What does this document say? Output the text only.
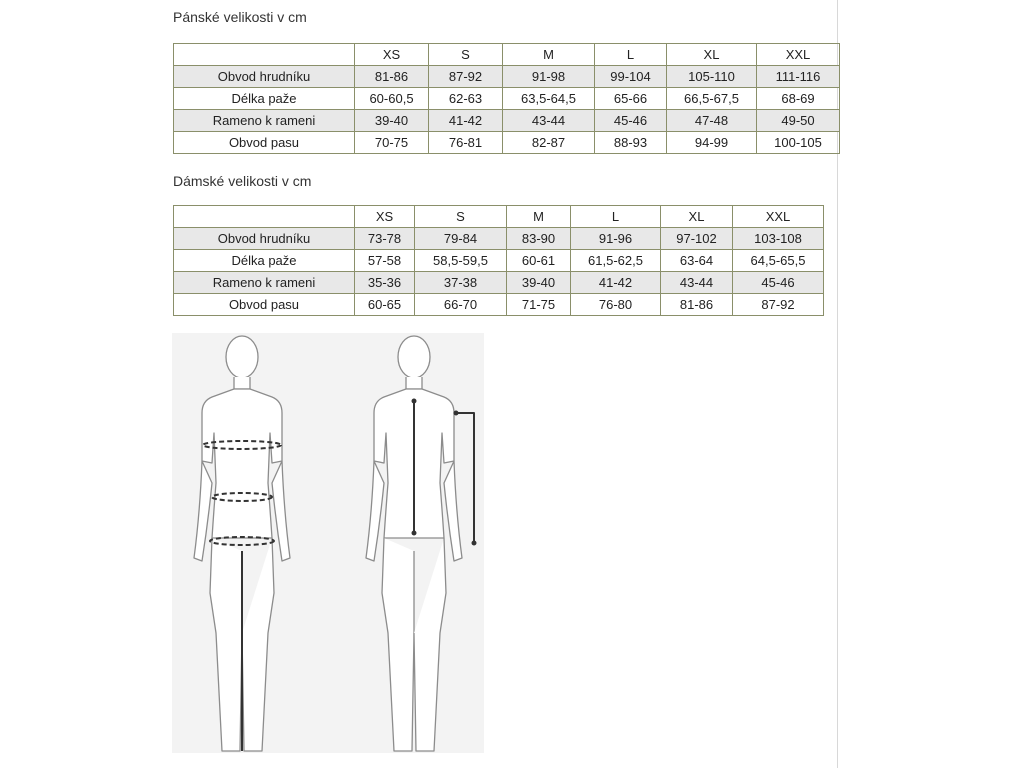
Pánské velikosti v cm
	XS	S	M	L	XL	XXL
Obvod hrudníku	81-86	87-92	91-98	99-104	105-110	111-116
Délka paže	60-60,5	62-63	63,5-64,5	65-66	66,5-67,5	68-69
Rameno k rameni	39-40	41-42	43-44	45-46	47-48	49-50
Obvod pasu	70-75	76-81	82-87	88-93	94-99	100-105
Dámské velikosti v cm
	XS	S	M	L	XL	XXL
Obvod hrudníku	73-78	79-84	83-90	91-96	97-102	103-108
Délka paže	57-58	58,5-59,5	60-61	61,5-62,5	63-64	64,5-65,5
Rameno k rameni	35-36	37-38	39-40	41-42	43-44	45-46
Obvod pasu	60-65	66-70	71-75	76-80	81-86	87-92
